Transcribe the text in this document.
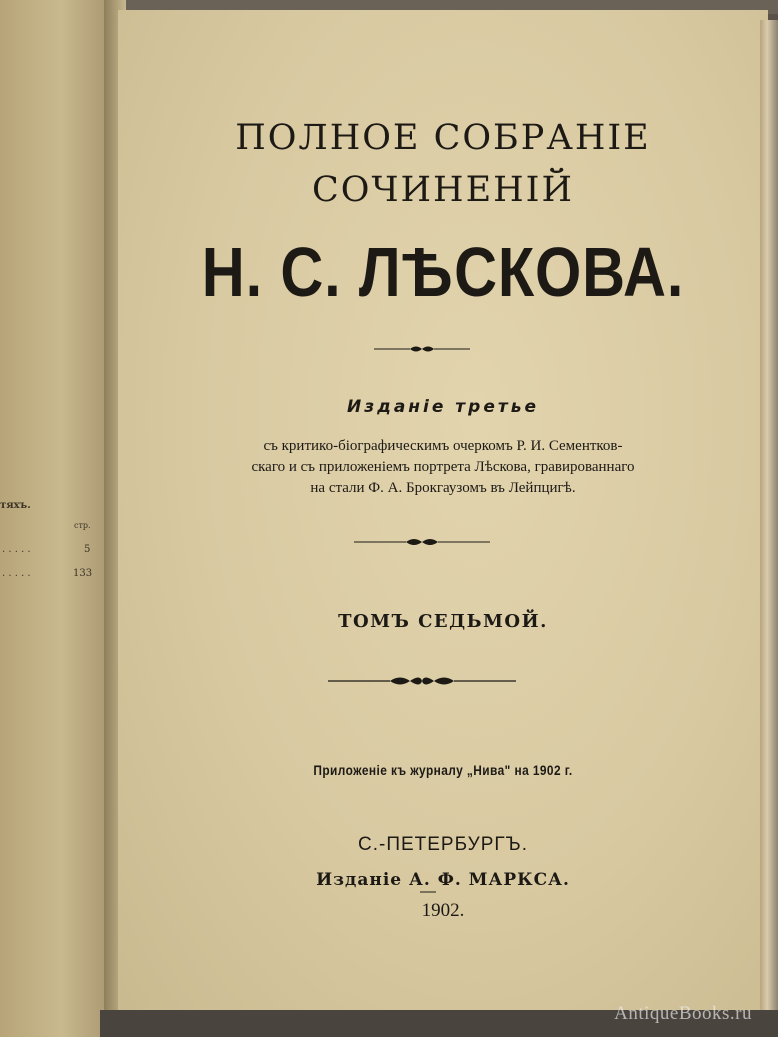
тяхъ.
стр.
. . . . .	5
. . . . .	133
ПОЛНОЕ СОБРАНІЕ
СОЧИНЕНІЙ
Н. С. ЛѢСКОВА.
Изданіе третье
съ критико-біографическимъ очеркомъ Р. И. Сементков-
скаго и съ приложеніемъ портрета Лѣскова, гравированнаго
на стали Ф. А. Брокгаузомъ въ Лейпцигѣ.
ТОМЪ СЕДЬМОЙ.
Приложеніе къ журналу „Нива" на 1902 г.
С.-ПЕТЕРБУРГЪ.
Изданіе А. Ф. МАРКСА.
1902.
AntiqueBooks.ru
